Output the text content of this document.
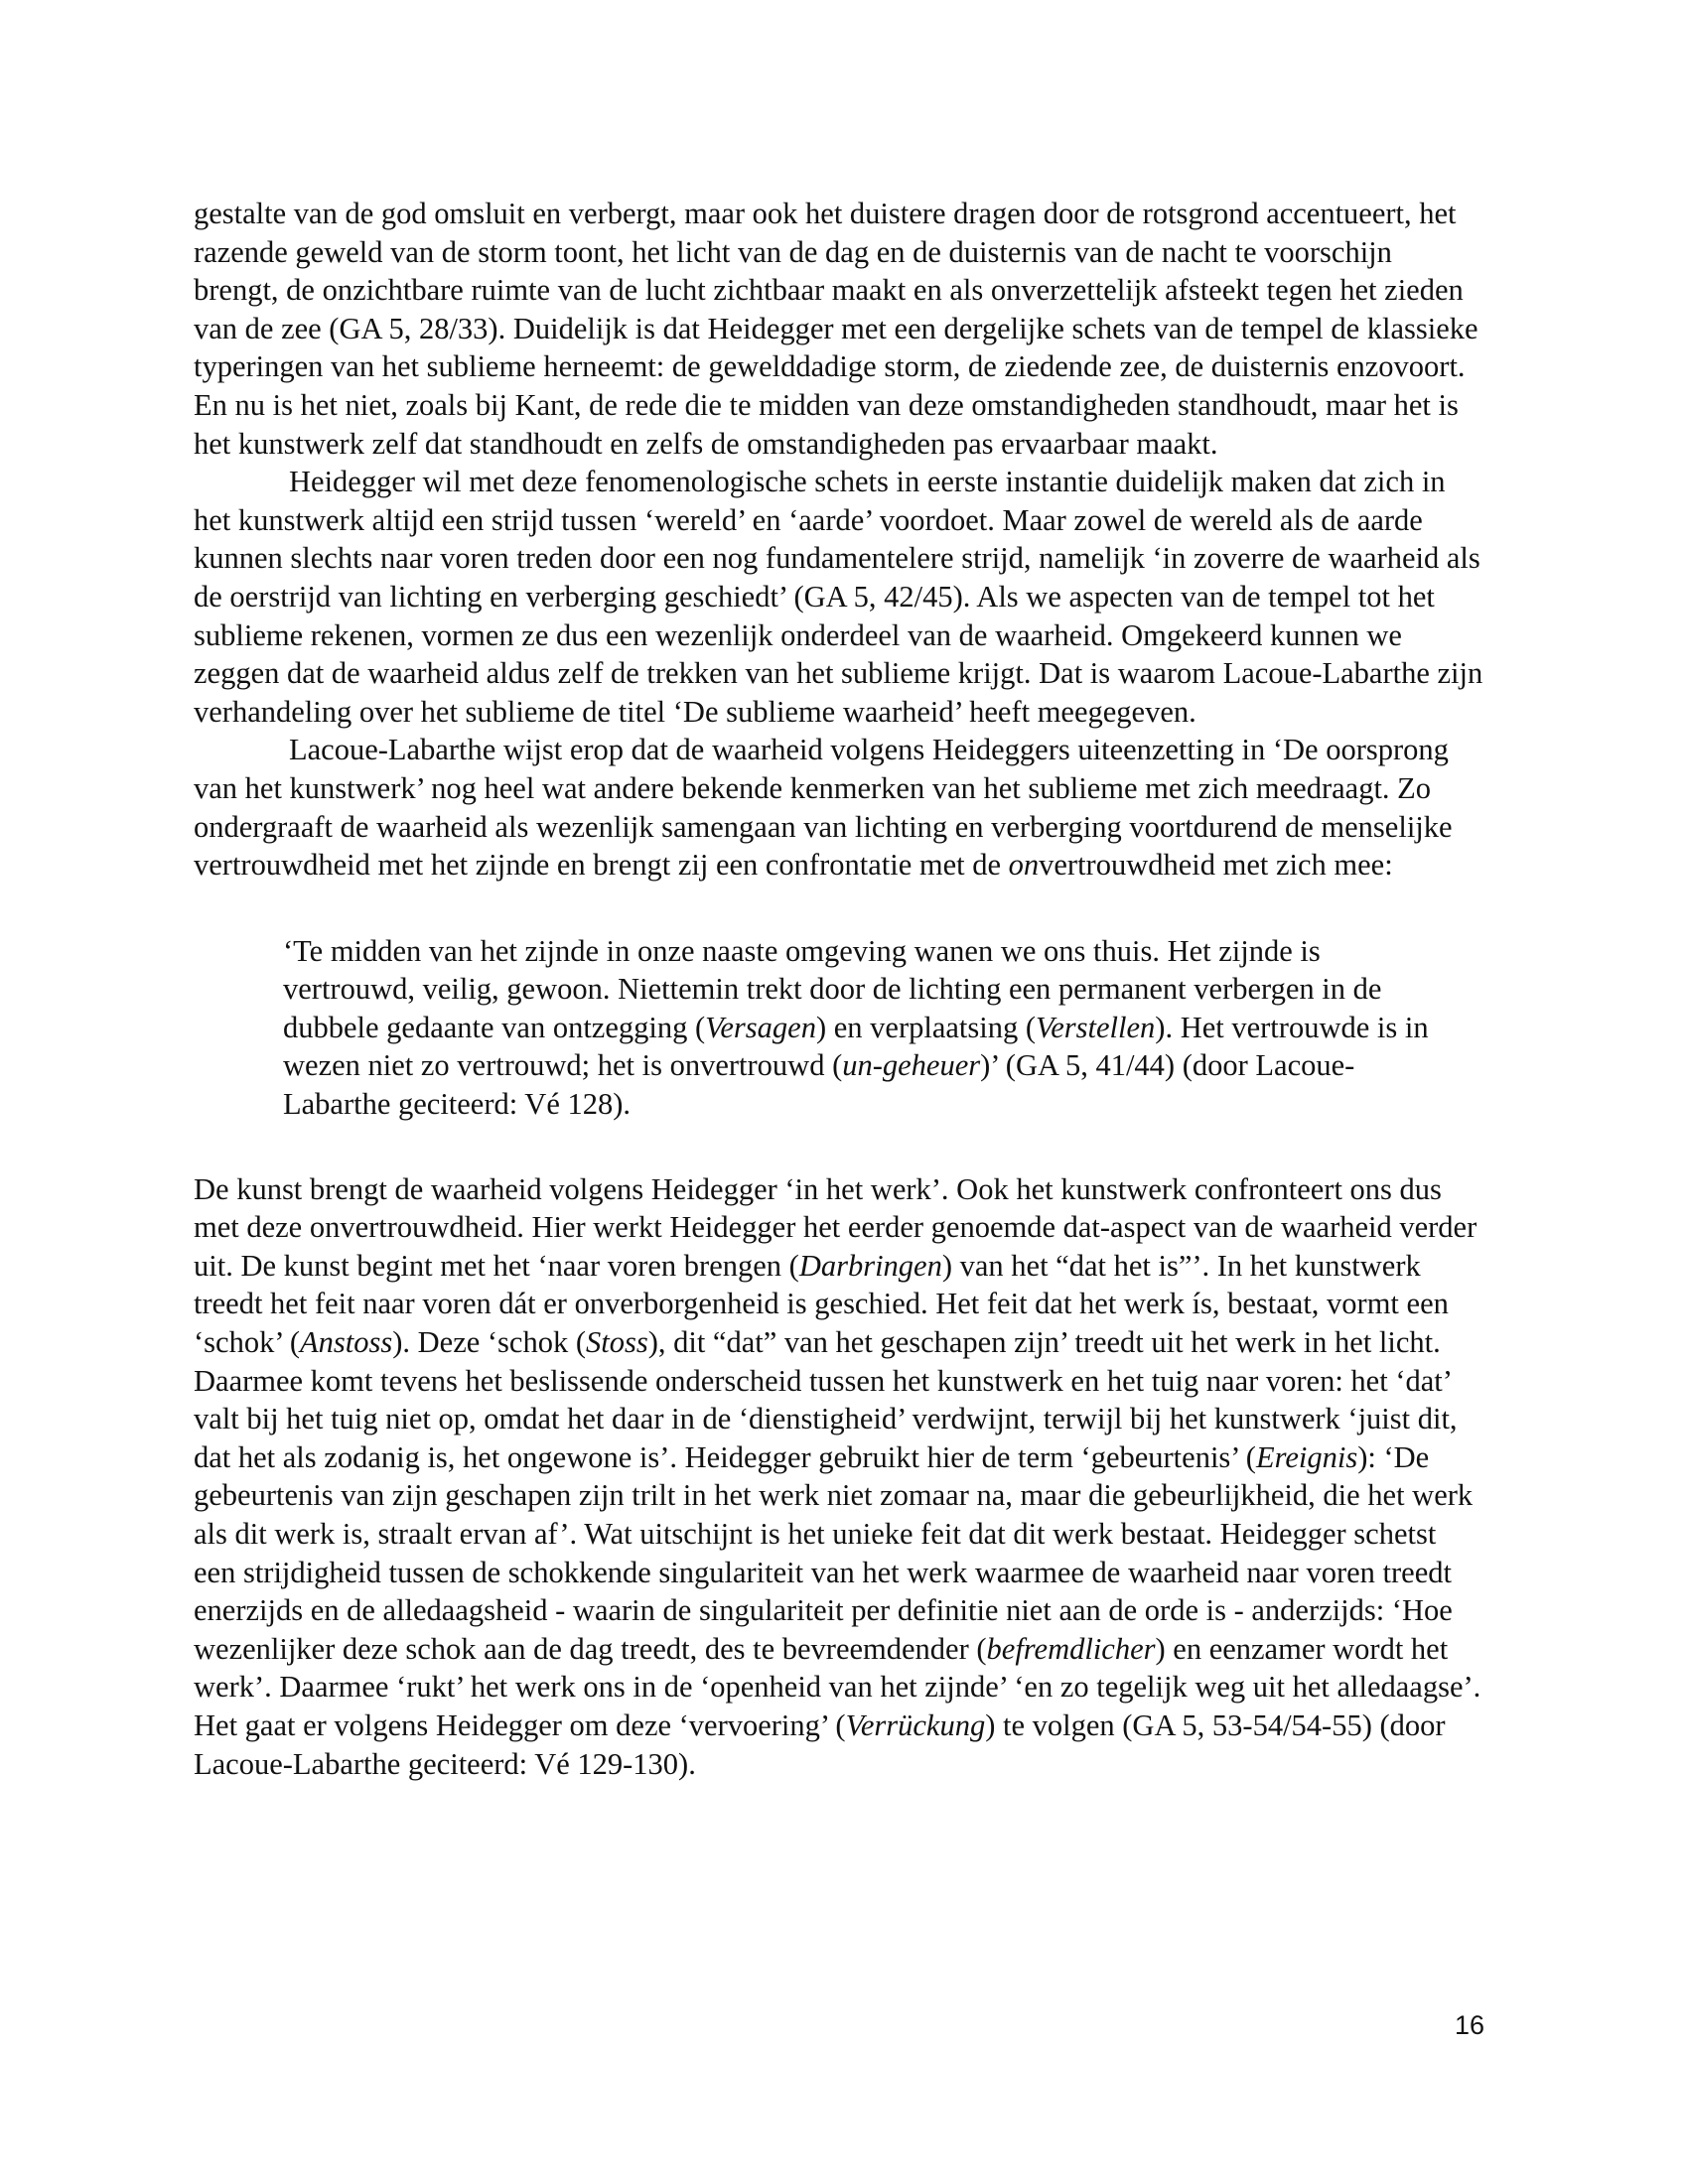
gestalte van de god omsluit en verbergt, maar ook het duistere dragen door de rotsgrond accentueert, het razende geweld van de storm toont, het licht van de dag en de duisternis van de nacht te voorschijn brengt, de onzichtbare ruimte van de lucht zichtbaar maakt en als onverzettelijk afsteekt tegen het zieden van de zee (GA 5, 28/33). Duidelijk is dat Heidegger met een dergelijke schets van de tempel de klassieke typeringen van het sublieme herneemt: de gewelddadige storm, de ziedende zee, de duisternis enzovoort. En nu is het niet, zoals bij Kant, de rede die te midden van deze omstandigheden standhoudt, maar het is het kunstwerk zelf dat standhoudt en zelfs de omstandigheden pas ervaarbaar maakt.

Heidegger wil met deze fenomenologische schets in eerste instantie duidelijk maken dat zich in het kunstwerk altijd een strijd tussen ‘wereld’ en ‘aarde’ voordoet. Maar zowel de wereld als de aarde kunnen slechts naar voren treden door een nog fundamentelere strijd, namelijk ‘in zoverre de waarheid als de oerstrijd van lichting en verberging geschiedt’ (GA 5, 42/45). Als we aspecten van de tempel tot het sublieme rekenen, vormen ze dus een wezenlijk onderdeel van de waarheid. Omgekeerd kunnen we zeggen dat de waarheid aldus zelf de trekken van het sublieme krijgt. Dat is waarom Lacoue-Labarthe zijn verhandeling over het sublieme de titel ‘De sublieme waarheid’ heeft meegegeven.

Lacoue-Labarthe wijst erop dat de waarheid volgens Heideggers uiteenzetting in ‘De oorsprong van het kunstwerk’ nog heel wat andere bekende kenmerken van het sublieme met zich meedraagt. Zo ondergraaft de waarheid als wezenlijk samengaan van lichting en verberging voortdurend de menselijke vertrouwdheid met het zijnde en brengt zij een confrontatie met de onvertrouwdheid met zich mee:

‘Te midden van het zijnde in onze naaste omgeving wanen we ons thuis. Het zijnde is vertrouwd, veilig, gewoon. Niettemin trekt door de lichting een permanent verbergen in de dubbele gedaante van ontzegging (Versagen) en verplaatsing (Verstellen). Het vertrouwde is in wezen niet zo vertrouwd; het is onvertrouwd (un-geheuer)’ (GA 5, 41/44) (door Lacoue-Labarthe geciteerd: Vé 128).

De kunst brengt de waarheid volgens Heidegger ‘in het werk’. Ook het kunstwerk confronteert ons dus met deze onvertrouwdheid. Hier werkt Heidegger het eerder genoemde dat-aspect van de waarheid verder uit. De kunst begint met het ‘naar voren brengen (Darbringen) van het “dat het is”’. In het kunstwerk treedt het feit naar voren dát er onverborgenheid is geschied. Het feit dat het werk ís, bestaat, vormt een ‘schok’ (Anstoss). Deze ‘schok (Stoss), dit “dat” van het geschapen zijn’ treedt uit het werk in het licht. Daarmee komt tevens het beslissende onderscheid tussen het kunstwerk en het tuig naar voren: het ‘dat’ valt bij het tuig niet op, omdat het daar in de ‘dienstigheid’ verdwijnt, terwijl bij het kunstwerk ‘juist dit, dat het als zodanig is, het ongewone is’. Heidegger gebruikt hier de term ‘gebeurtenis’ (Ereignis): ‘De gebeurtenis van zijn geschapen zijn trilt in het werk niet zomaar na, maar die gebeurlijkheid, die het werk als dit werk is, straalt ervan af’. Wat uitschijnt is het unieke feit dat dit werk bestaat. Heidegger schetst een strijdigheid tussen de schokkende singulariteit van het werk waarmee de waarheid naar voren treedt enerzijds en de alledaagsheid - waarin de singulariteit per definitie niet aan de orde is - anderzijds: ‘Hoe wezenlijker deze schok aan de dag treedt, des te bevreemdender (befremdlicher) en eenzamer wordt het werk’. Daarmee ‘rukt’ het werk ons in de ‘openheid van het zijnde’ ‘en zo tegelijk weg uit het alledaagse’. Het gaat er volgens Heidegger om deze ‘vervoering’ (Verrückung) te volgen (GA 5, 53-54/54-55) (door Lacoue-Labarthe geciteerd: Vé 129-130).

16
